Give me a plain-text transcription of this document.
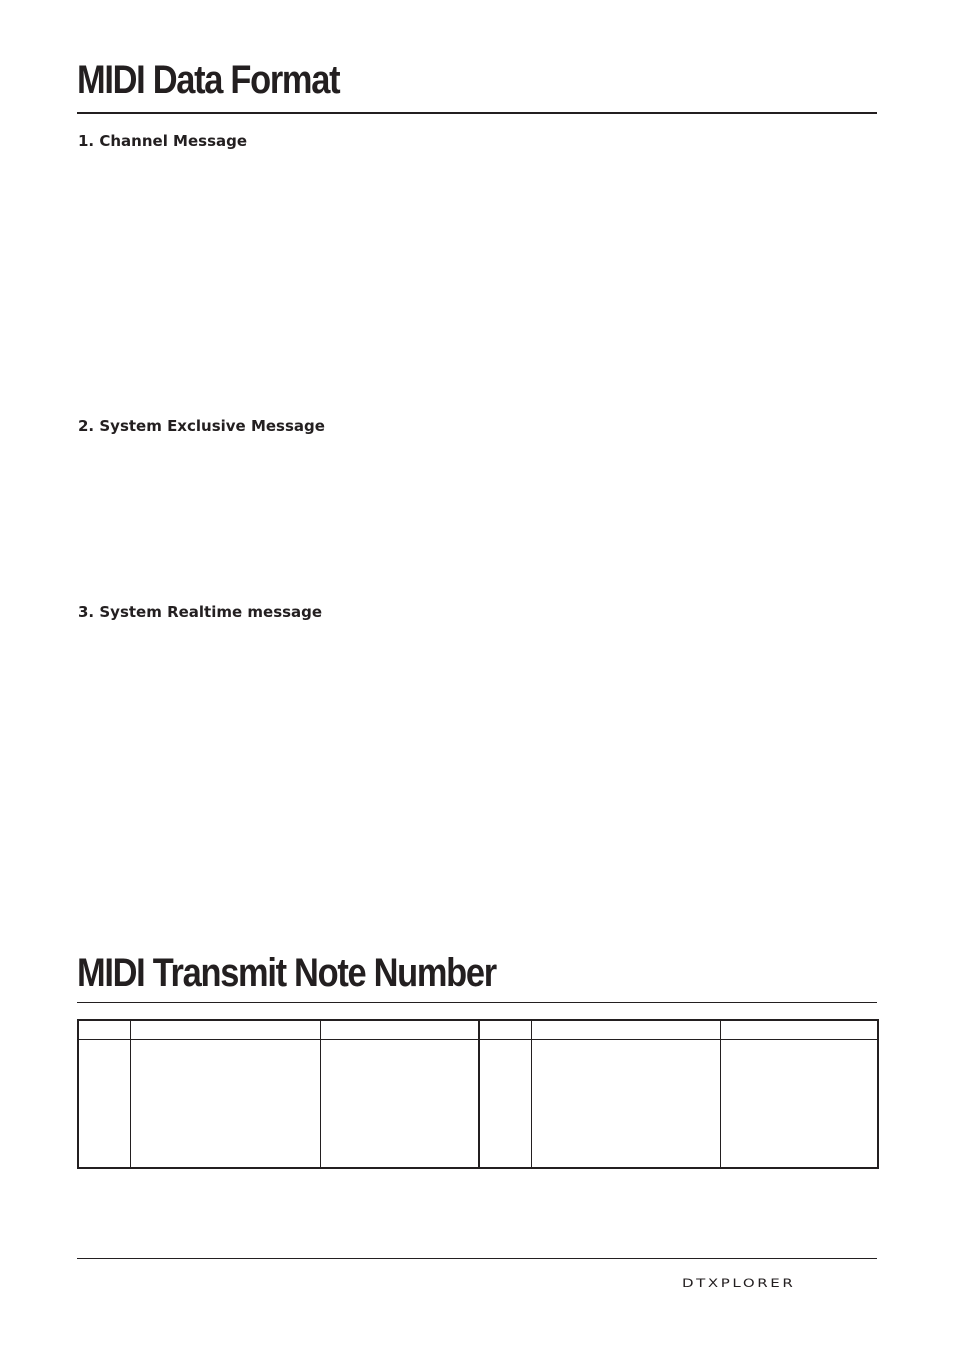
MIDI Data Format
1. Channel Message
2. System Exclusive Message
3. System Realtime message
MIDI Transmit Note Number

DTXPLORER
